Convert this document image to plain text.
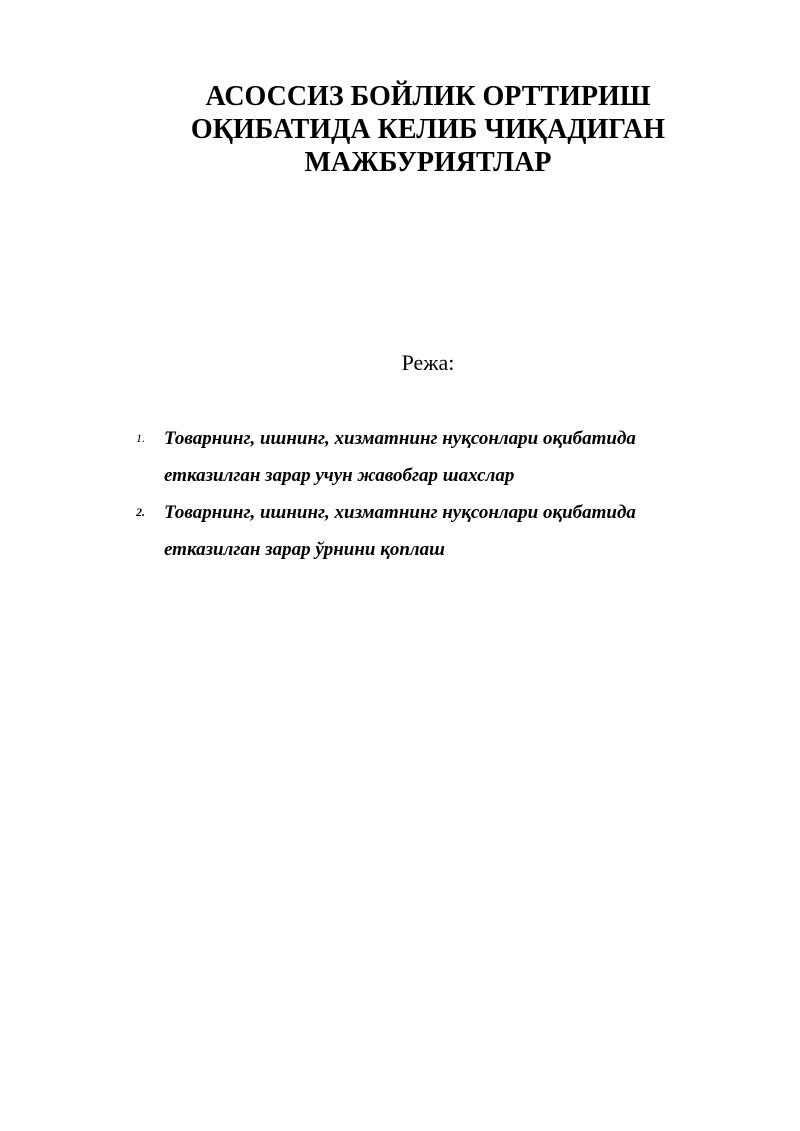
АСОССИЗ БОЙЛИК ОРТТИРИШ
ОҚИБАТИДА КЕЛИБ ЧИҚАДИГАН
МАЖБУРИЯТЛАР
Режа:
1. Товарнинг, ишнинг, хизматнинг нуқсонлари оқибатида
етказилган зарар учун жавобгар шахслар
2. Товарнинг, ишнинг, хизматнинг нуқсонлари оқибатида
етказилган зарар ўрнини қоплаш
